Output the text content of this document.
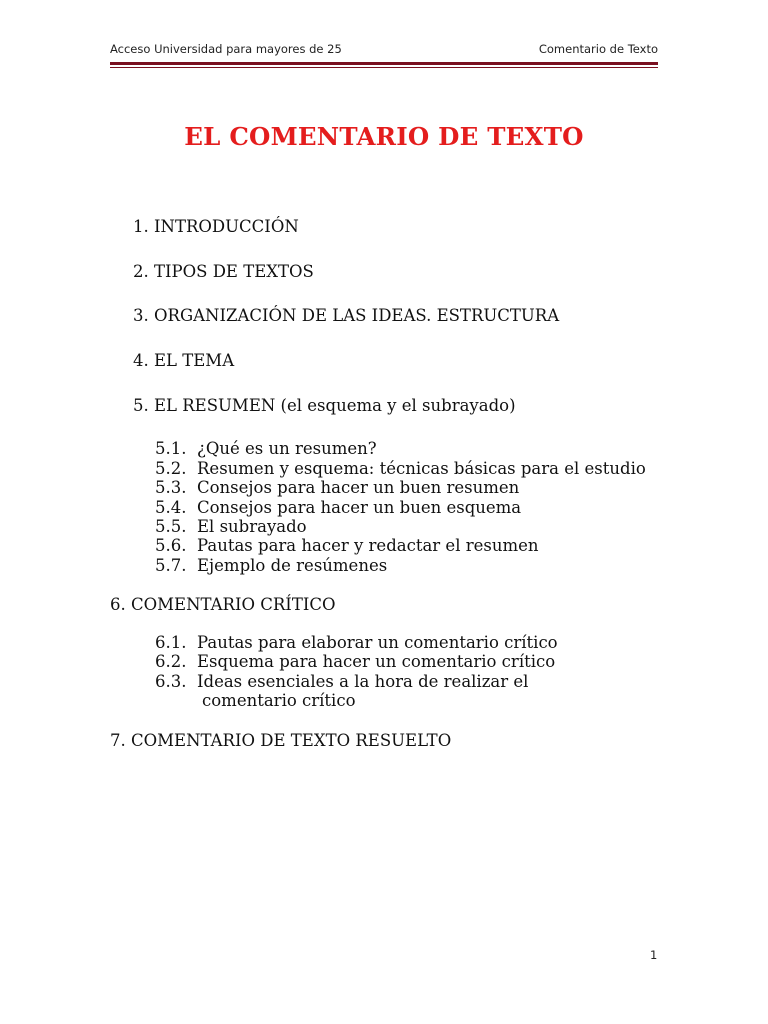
Acceso Universidad para mayores de 25	Comentario de Texto
EL COMENTARIO DE TEXTO
1. INTRODUCCIÓN
2. TIPOS DE TEXTOS
3. ORGANIZACIÓN DE LAS IDEAS. ESTRUCTURA
4. EL TEMA
5. EL RESUMEN (el esquema y el subrayado)
5.1. ¿Qué es un resumen?
5.2. Resumen y esquema: técnicas básicas para el estudio
5.3. Consejos para hacer un buen resumen
5.4. Consejos para hacer un buen esquema
5.5. El subrayado
5.6. Pautas para hacer y redactar el resumen
5.7. Ejemplo de resúmenes
6. COMENTARIO CRÍTICO
6.1. Pautas para elaborar un comentario crítico
6.2. Esquema para hacer un comentario crítico
6.3. Ideas esenciales a la hora de realizar el
comentario crítico
7. COMENTARIO DE TEXTO RESUELTO
1
